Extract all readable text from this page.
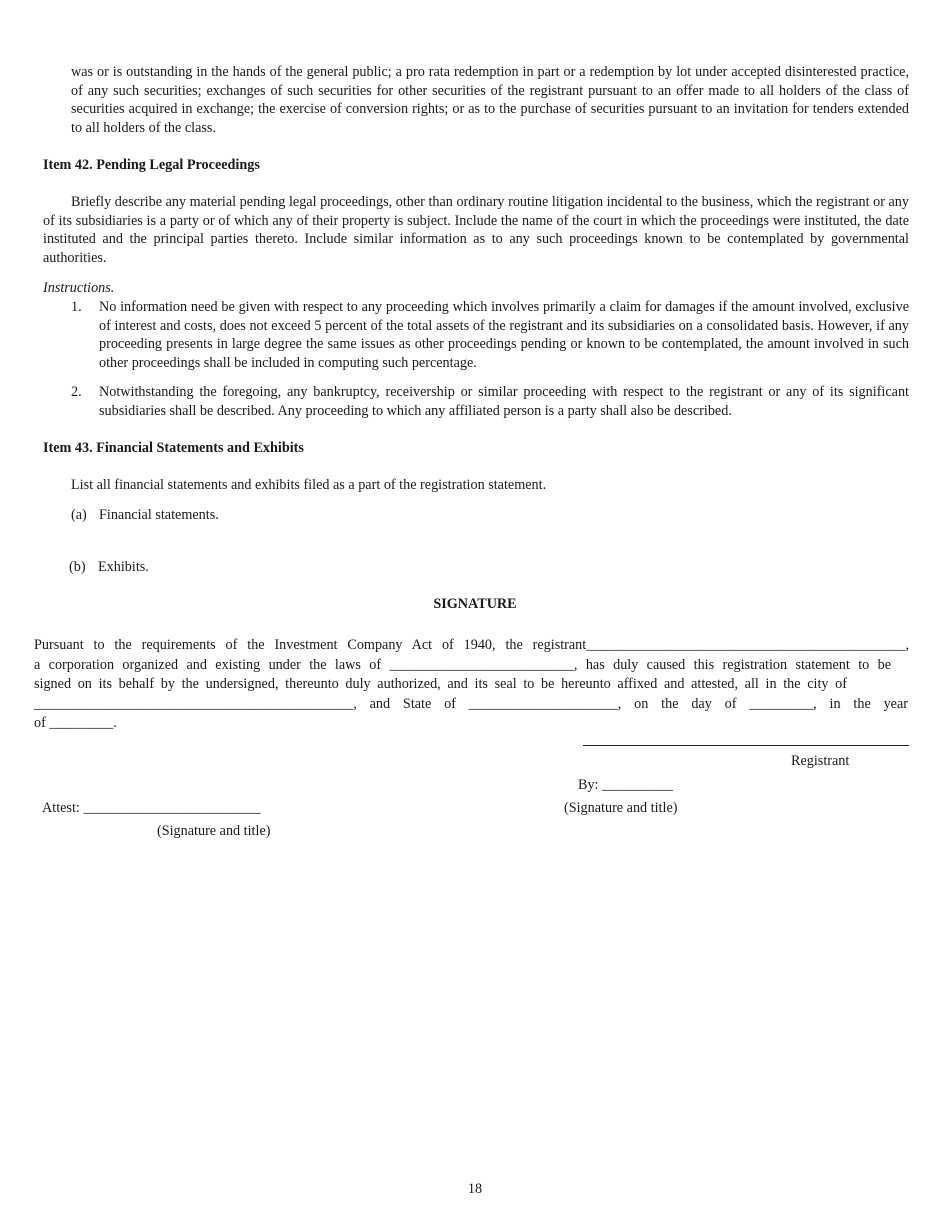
was or is outstanding in the hands of the general public; a pro rata redemption in part or a redemption by lot under accepted disinterested practice, of any such securities; exchanges of such securities for other securities of the registrant pursuant to an offer made to all holders of the class of securities acquired in exchange; the exercise of conversion rights; or as to the purchase of securities pursuant to an invitation for tenders extended to all holders of the class.

Item 42. Pending Legal Proceedings

Briefly describe any material pending legal proceedings, other than ordinary routine litigation incidental to the business, which the registrant or any of its subsidiaries is a party or of which any of their property is subject. Include the name of the court in which the proceedings were instituted, the date instituted and the principal parties thereto. Include similar information as to any such proceedings known to be contemplated by governmental authorities.

Instructions.
1. No information need be given with respect to any proceeding which involves primarily a claim for damages if the amount involved, exclusive of interest and costs, does not exceed 5 percent of the total assets of the registrant and its subsidiaries on a consolidated basis. However, if any proceeding presents in large degree the same issues as other proceedings pending or known to be contemplated, the amount involved in such other proceedings shall be included in computing such percentage.

2. Notwithstanding the foregoing, any bankruptcy, receivership or similar proceeding with respect to the registrant or any of its significant subsidiaries shall be described. Any proceeding to which any affiliated person is a party shall also be described.

Item 43. Financial Statements and Exhibits

List all financial statements and exhibits filed as a part of the registration statement.

(a) Financial statements.
(b) Exhibits.
SIGNATURE
Pursuant to the requirements of the Investment Company Act of 1940, the registrant_____________________________________________,
a corporation organized and existing under the laws of __________________________, has duly caused this registration statement to be
signed on its behalf by the undersigned, thereunto duly authorized, and its seal to be hereunto affixed and attested, all in the city of
_____________________________________________, and State of _____________________, on the day of _________, in the year
of _________.
Registrant
By: __________
(Signature and title)
Attest: _________________________
(Signature and title)
18
